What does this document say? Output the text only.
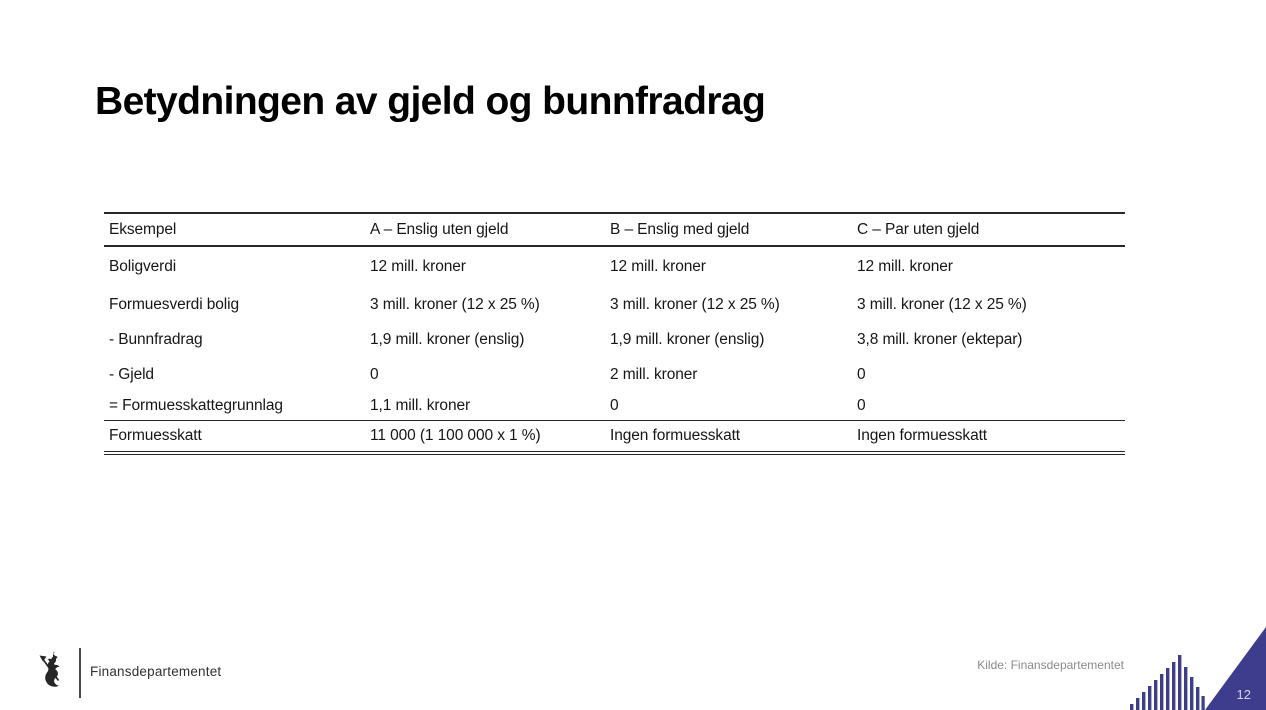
Betydningen av gjeld og bunnfradrag
Eksempel	A – Enslig uten gjeld	B – Enslig med gjeld	C – Par uten gjeld
Boligverdi	12 mill. kroner	12 mill. kroner	12 mill. kroner
Formuesverdi bolig	3 mill. kroner (12 x 25 %)	3 mill. kroner (12 x 25 %)	3 mill. kroner (12 x 25 %)
- Bunnfradrag	1,9 mill. kroner (enslig)	1,9 mill. kroner (enslig)	3,8 mill. kroner (ektepar)
- Gjeld	0	2 mill. kroner	0
= Formuesskattegrunnlag	1,1 mill. kroner	0	0
Formuesskatt	11 000 (1 100 000 x 1 %)	Ingen formuesskatt	Ingen formuesskatt
Finansdepartementet	Kilde: Finansdepartementet
12
